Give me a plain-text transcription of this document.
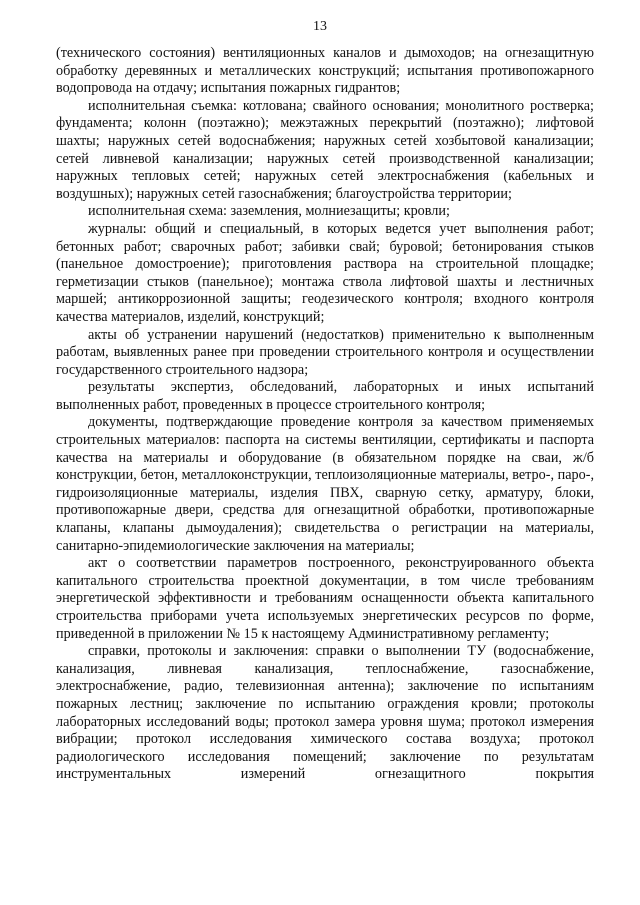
13

(технического состояния) вентиляционных каналов и дымоходов; на огнезащитную обработку деревянных и металлических конструкций; испытания противопожарного водопровода на отдачу; испытания пожарных гидрантов;

исполнительная съемка: котлована; свайного основания; монолитного ростверка; фундамента; колонн (поэтажно); межэтажных перекрытий (поэтажно); лифтовой шахты; наружных сетей водоснабжения; наружных сетей хозбытовой канализации; сетей ливневой канализации; наружных сетей производственной канализации; наружных тепловых сетей; наружных сетей электроснабжения (кабельных и воздушных); наружных сетей газоснабжения; благоустройства территории;

исполнительная схема: заземления, молниезащиты; кровли;

журналы: общий и специальный, в которых ведется учет выполнения работ; бетонных работ; сварочных работ; забивки свай; буровой; бетонирования стыков (панельное домостроение); приготовления раствора на строительной площадке; герметизации стыков (панельное); монтажа ствола лифтовой шахты и лестничных маршей; антикоррозионной защиты; геодезического контроля; входного контроля качества материалов, изделий, конструкций;

акты об устранении нарушений (недостатков) применительно к выполненным работам, выявленных ранее при проведении строительного контроля и осуществлении государственного строительного надзора;

результаты экспертиз, обследований, лабораторных и иных испытаний выполненных работ, проведенных в процессе строительного контроля;

документы, подтверждающие проведение контроля за качеством применяемых строительных материалов: паспорта на системы вентиляции, сертификаты и паспорта качества на материалы и оборудование (в обязательном порядке на сваи, ж/б конструкции, бетон, металлоконструкции, теплоизоляционные материалы, ветро-, паро-, гидроизоляционные материалы, изделия ПВХ, сварную сетку, арматуру, блоки, противопожарные двери, средства для огнезащитной обработки, противопожарные клапаны, клапаны дымоудаления); свидетельства о регистрации на материалы, санитарно-эпидемиологические заключения на материалы;

акт о соответствии параметров построенного, реконструированного объекта капитального строительства проектной документации, в том числе требованиям энергетической эффективности и требованиям оснащенности объекта капитального строительства приборами учета используемых энергетических ресурсов по форме, приведенной в приложении № 15 к настоящему Административному регламенту;

справки, протоколы и заключения: справки о выполнении ТУ (водоснабжение, канализация, ливневая канализация, теплоснабжение, газоснабжение, электроснабжение, радио, телевизионная антенна); заключение по испытаниям пожарных лестниц; заключение по испытанию ограждения кровли; протоколы лабораторных исследований воды; протокол замера уровня шума; протокол измерения вибрации; протокол исследования химического состава воздуха; протокол радиологического исследования помещений; заключение по результатам инструментальных измерений огнезащитного покрытия
